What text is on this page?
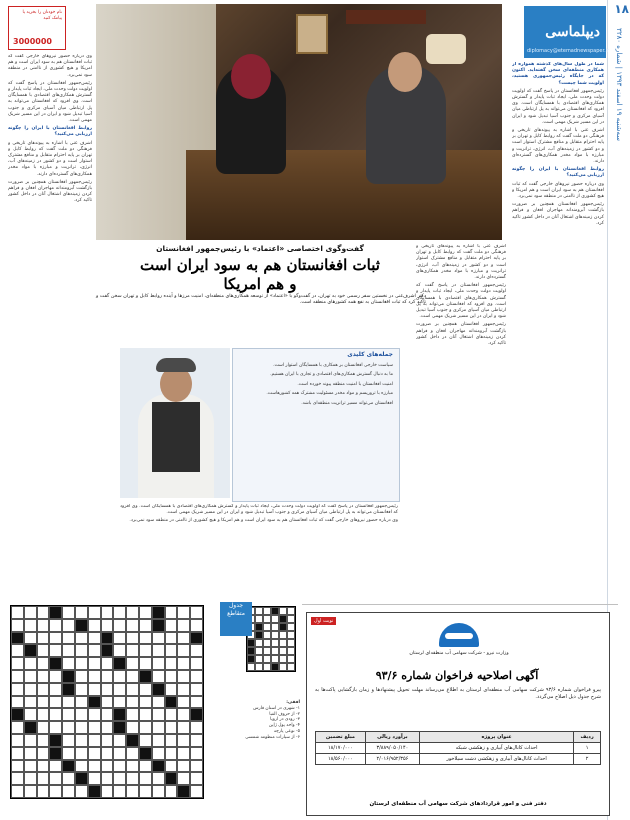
۱۸
سه‌شنبه ۱۹ اسفند ۱۳۹۳ | شماره ۳۲۸۰
دیپلماسی
diplomacy@etemadnewspaper.ir
نام خودتان را بخرید یا پیامک کنید
3000000

شما در طول سال‌های گذشته همواره از همکاری منطقه‌ای سخن گفته‌اید. اکنون که در جایگاه رئیس‌جمهوری هستید، اولویت شما چیست؟

رئیس‌جمهور افغانستان در پاسخ گفت که اولویت دولت وحدت ملی، ایجاد ثبات پایدار و گسترش همکاری‌های اقتصادی با همسایگان است. وی افزود که افغانستان می‌تواند به پل ارتباطی میان آسیای مرکزی و جنوب آسیا تبدیل شود و ایران در این مسیر شریک مهمی است.

اشرف غنی با اشاره به پیوندهای تاریخی و فرهنگی دو ملت گفت که روابط کابل و تهران بر پایه احترام متقابل و منافع مشترک استوار است و دو کشور در زمینه‌های آب، انرژی، ترانزیت و مبارزه با مواد مخدر همکاری‌های گسترده‌ای دارند.

روابط افغانستان با ایران را چگونه ارزیابی می‌کنید؟

وی درباره حضور نیروهای خارجی گفت که ثبات افغانستان هم به سود ایران است و هم امریکا و هیچ کشوری از ناامنی در منطقه سود نمی‌برد.

رئیس‌جمهور افغانستان همچنین بر ضرورت بازگشت آبرومندانه مهاجران افغان و فراهم کردن زمینه‌های اشتغال آنان در داخل کشور تاکید کرد.

اشرف غنی با اشاره به پیوندهای تاریخی و فرهنگی دو ملت گفت که روابط کابل و تهران بر پایه احترام متقابل و منافع مشترک استوار است و دو کشور در زمینه‌های آب، انرژی، ترانزیت و مبارزه با مواد مخدر همکاری‌های گسترده‌ای دارند.

رئیس‌جمهور افغانستان در پاسخ گفت که اولویت دولت وحدت ملی، ایجاد ثبات پایدار و گسترش همکاری‌های اقتصادی با همسایگان است. وی افزود که افغانستان می‌تواند به پل ارتباطی میان آسیای مرکزی و جنوب آسیا تبدیل شود و ایران در این مسیر شریک مهمی است.

رئیس‌جمهور افغانستان همچنین بر ضرورت بازگشت آبرومندانه مهاجران افغان و فراهم کردن زمینه‌های اشتغال آنان در داخل کشور تاکید کرد.

وی درباره حضور نیروهای خارجی گفت که ثبات افغانستان هم به سود ایران است و هم امریکا و هیچ کشوری از ناامنی در منطقه سود نمی‌برد.

رئیس‌جمهور افغانستان در پاسخ گفت که اولویت دولت وحدت ملی، ایجاد ثبات پایدار و گسترش همکاری‌های اقتصادی با همسایگان است. وی افزود که افغانستان می‌تواند به پل ارتباطی میان آسیای مرکزی و جنوب آسیا تبدیل شود و ایران در این مسیر شریک مهمی است.

روابط افغانستان با ایران را چگونه ارزیابی می‌کنید؟

اشرف غنی با اشاره به پیوندهای تاریخی و فرهنگی دو ملت گفت که روابط کابل و تهران بر پایه احترام متقابل و منافع مشترک استوار است و دو کشور در زمینه‌های آب، انرژی، ترانزیت و مبارزه با مواد مخدر همکاری‌های گسترده‌ای دارند.

رئیس‌جمهور افغانستان همچنین بر ضرورت بازگشت آبرومندانه مهاجران افغان و فراهم کردن زمینه‌های اشتغال آنان در داخل کشور تاکید کرد.

گفت‌وگوی اختصاصی «اعتماد» با رئیس‌جمهور افغانستان
ثبات افغانستان هم به سود ایران است
و هم امریکا
دکتر اشرف‌غنی در نخستین سفر رسمی خود به تهران، در گفت‌وگو با «اعتماد» از توسعه همکاری‌های منطقه‌ای، امنیت مرزها و آینده روابط کابل و تهران سخن گفت و تاکید کرد که ثبات افغانستان به نفع همه کشورهای منطقه است.
جمله‌های کلیدی

سیاست خارجی افغانستان بر همکاری با همسایگان استوار است.

ما به دنبال گسترش همکاری‌های اقتصادی و تجاری با ایران هستیم.

امنیت افغانستان با امنیت منطقه پیوند خورده است.

مبارزه با تروریسم و مواد مخدر مسئولیت مشترک همه کشورهاست.

افغانستان می‌تواند مسیر ترانزیت منطقه‌ای باشد.

رئیس‌جمهور افغانستان در پاسخ گفت که اولویت دولت وحدت ملی، ایجاد ثبات پایدار و گسترش همکاری‌های اقتصادی با همسایگان است. وی افزود که افغانستان می‌تواند به پل ارتباطی میان آسیای مرکزی و جنوب آسیا تبدیل شود و ایران در این مسیر شریک مهمی است.

وی درباره حضور نیروهای خارجی گفت که ثبات افغانستان هم به سود ایران است و هم امریکا و هیچ کشوری از ناامنی در منطقه سود نمی‌برد.

جدول متقاطع
افقی:
۱- شهری در استان فارس
۲- از حروف الفبا
۳- رودی در اروپا
۴- واحد پول ژاپن
۵- نوعی پارچه
۶- از سیارات منظومه شمسی
نوبت اول
وزارت نیرو - شرکت سهامی آب منطقه‌ای لرستان
آگهی اصلاحیه فراخوان شماره ۹۳/۶
پیرو فراخوان شماره ۹۳/۶ شرکت سهامی آب منطقه‌ای لرستان به اطلاع می‌رساند مهلت تحویل پیشنهادها و زمان بازگشایی پاکت‌ها به شرح جدول ذیل اصلاح می‌گردد.
ردیف	عنوان پروژه	برآورد ریالی	مبلغ تضمین
۱	احداث کانال‌های آبیاری و زهکشی شبکه	۳/۸۸۹/۰۵۰/۱۴۰	۱۸/۱۷۰/۰۰۰
۲	احداث کانال‌های آبیاری و زهکشی دشت سیلاخور	۲/۰۱۶/۹۵۲/۳۵۶	۱۸/۵۶۰/۰۰۰
دفتر فنی و امور قراردادهای شرکت سهامی آب منطقه‌ای لرستان
